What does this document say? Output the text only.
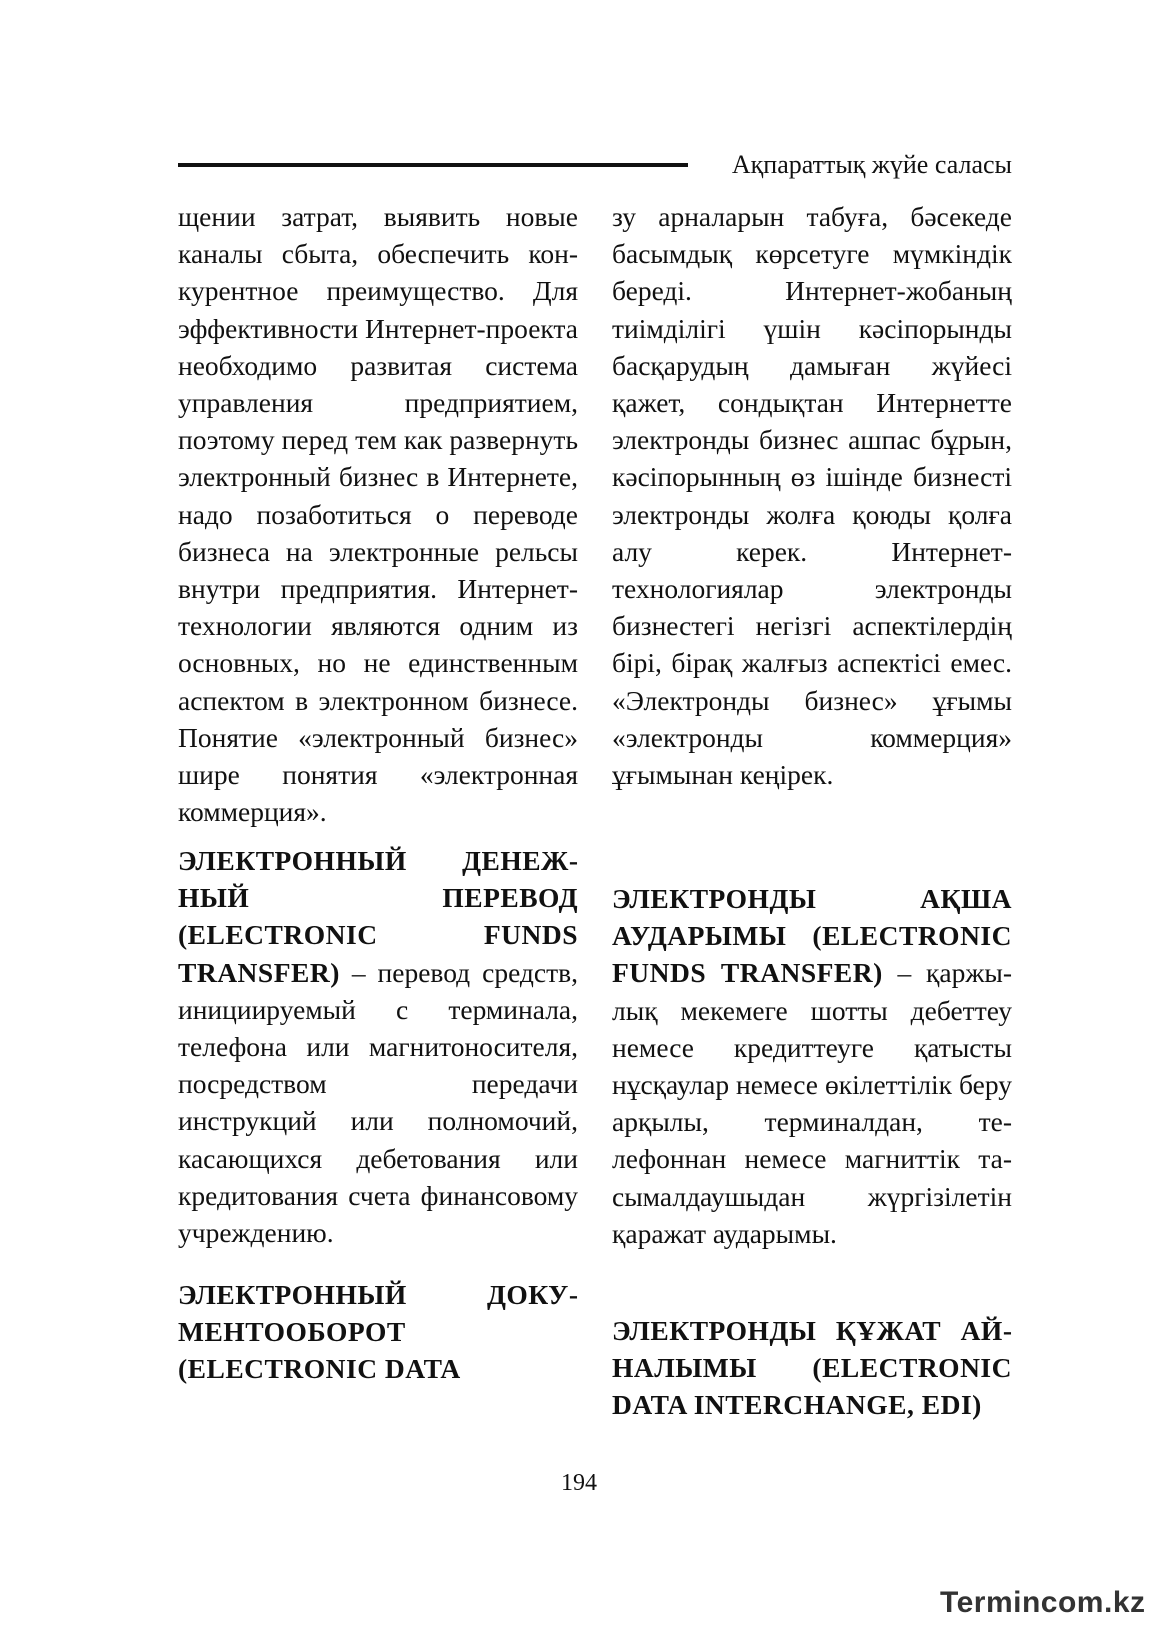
Ақпараттық жүйе саласы

щении затрат, выявить новые каналы сбыта, обеспечить конкурентное преимущество. Для эффективности Интернет-проекта необходимо развитая система управления предприятием, поэтому перед тем как развернуть электронный бизнес в Интернете, надо позаботиться о переводе бизнеса на электронные рельсы внутри предприятия. Интернет-технологии являются одним из основных, но не единственным аспектом в электронном бизнесе. Понятие «электронный бизнес» шире понятия «электронная коммерция».

ЭЛЕКТРОННЫЙ ДЕНЕЖНЫЙ ПЕРЕВОД (ELECTRONIC FUNDS TRANSFER) – перевод средств, инициируемый с терминала, телефона или магнитоносителя, посредством передачи инструкций или полномочий, касающихся дебетования или кредитования счета финансовому учреждению.

ЭЛЕКТРОННЫЙ ДОКУМЕНТООБОРОТ (ELECTRONIC DATA

зу арналарын табуға, бәсекеде басымдық көрсетуге мүмкіндік береді. Интернет-жобаның тиімділігі үшін кәсіпорынды басқарудың дамыған жүйесі қажет, сондықтан Интернетте электронды бизнес ашпас бұрын, кәсіпорынның өз ішінде бизнесті электронды жолға қоюды қолға алу керек. Интернет-технологиялар электронды бизнестегі негізгі аспектілердің бірі, бірақ жалғыз аспектісі емес. «Электронды бизнес» ұғымы «электронды коммерция» ұғымынан кеңірек.

ЭЛЕКТРОНДЫ АҚША АУДАРЫМЫ (ELECTRONIC FUNDS TRANSFER) – қаржылық мекемеге шотты дебеттеу немесе кредиттеуге қатысты нұсқаулар немесе өкілеттілік беру арқылы, терминалдан, телефоннан немесе магниттік тасымалдаушыдан жүргізілетін қаражат аударымы.

ЭЛЕКТРОНДЫ ҚҰЖАТ АЙНАЛЫМЫ (ELECTRONIC DATA INTERCHANGE, EDI)

194
Termincom.kz
